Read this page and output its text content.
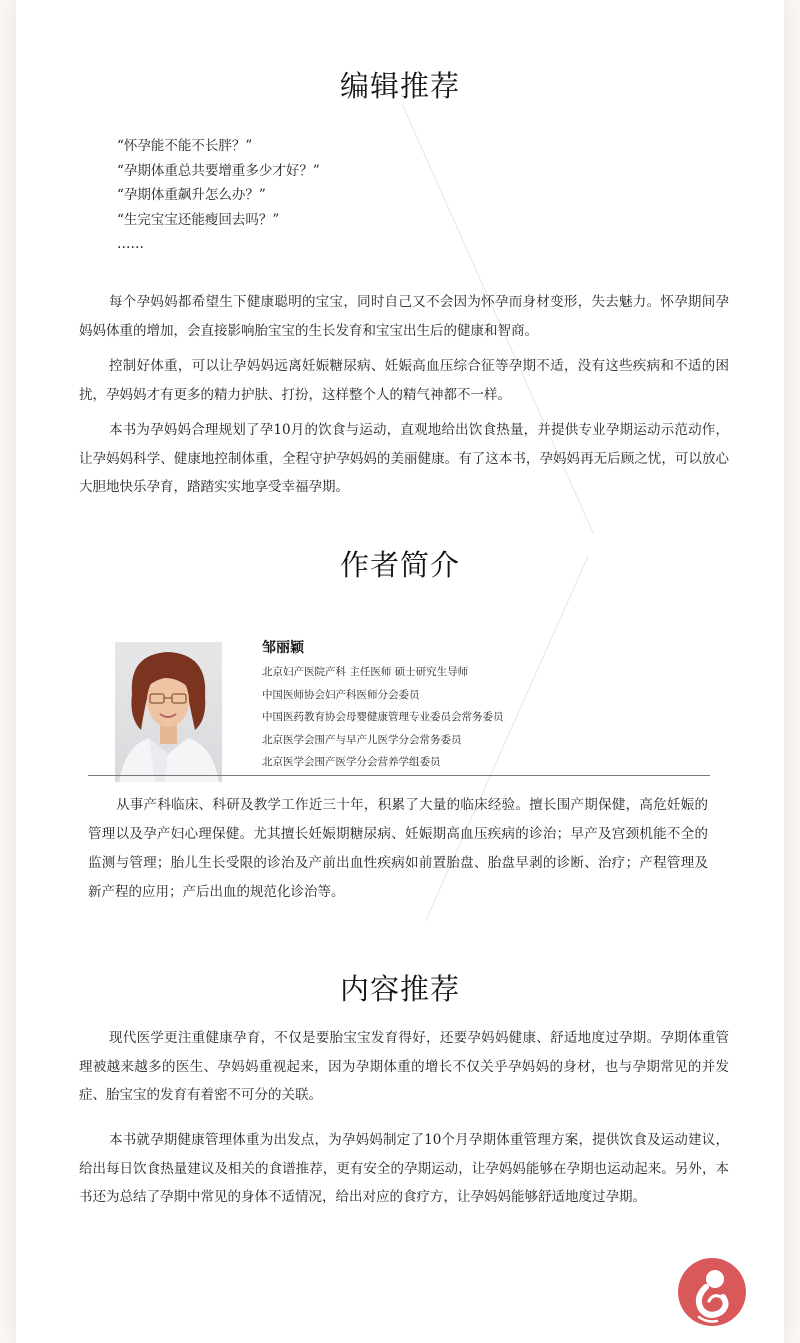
编辑推荐
“怀孕能不能不长胖？”
“孕期体重总共要增重多少才好？”
“孕期体重飙升怎么办？”
“生完宝宝还能瘦回去吗？”
……

每个孕妈妈都希望生下健康聪明的宝宝，同时自己又不会因为怀孕而身材变形，失去魅力。怀孕期间孕妈妈体重的增加，会直接影响胎宝宝的生长发育和宝宝出生后的健康和智商。

控制好体重，可以让孕妈妈远离妊娠糖尿病、妊娠高血压综合征等孕期不适，没有这些疾病和不适的困扰，孕妈妈才有更多的精力护肤、打扮，这样整个人的精气神都不一样。

本书为孕妈妈合理规划了孕10月的饮食与运动，直观地给出饮食热量，并提供专业孕期运动示范动作，让孕妈妈科学、健康地控制体重，全程守护孕妈妈的美丽健康。有了这本书，孕妈妈再无后顾之忧，可以放心大胆地快乐孕育，踏踏实实地享受幸福孕期。

作者简介
邹丽颖
北京妇产医院产科 主任医师 硕士研究生导师
中国医师协会妇产科医师分会委员
中国医药教育协会母婴健康管理专业委员会常务委员
北京医学会围产与早产儿医学分会常务委员
北京医学会围产医学分会营养学组委员

从事产科临床、科研及教学工作近三十年，积累了大量的临床经验。擅长围产期保健，高危妊娠的管理以及孕产妇心理保健。尤其擅长妊娠期糖尿病、妊娠期高血压疾病的诊治；早产及宫颈机能不全的监测与管理；胎儿生长受限的诊治及产前出血性疾病如前置胎盘、胎盘早剥的诊断、治疗；产程管理及新产程的应用；产后出血的规范化诊治等。

内容推荐

现代医学更注重健康孕育，不仅是要胎宝宝发育得好，还要孕妈妈健康、舒适地度过孕期。孕期体重管理被越来越多的医生、孕妈妈重视起来，因为孕期体重的增长不仅关乎孕妈妈的身材，也与孕期常见的并发症、胎宝宝的发育有着密不可分的关联。

本书就孕期健康管理体重为出发点，为孕妈妈制定了10个月孕期体重管理方案，提供饮食及运动建议，给出每日饮食热量建议及相关的食谱推荐，更有安全的孕期运动，让孕妈妈能够在孕期也运动起来。另外，本书还为总结了孕期中常见的身体不适情况，给出对应的食疗方，让孕妈妈能够舒适地度过孕期。
